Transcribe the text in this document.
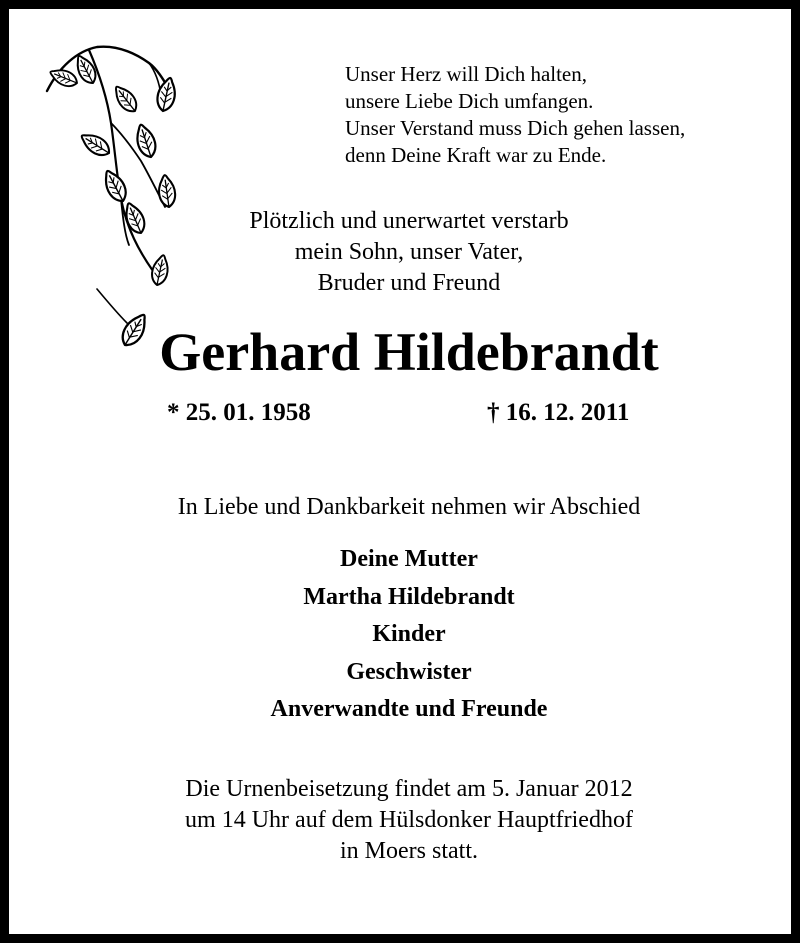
Unser Herz will Dich halten,
unsere Liebe Dich umfangen.
Unser Verstand muss Dich gehen lassen,
denn Deine Kraft war zu Ende.
Plötzlich und unerwartet verstarb
mein Sohn, unser Vater,
Bruder und Freund
Gerhard Hildebrandt
* 25. 01. 1958	† 16. 12. 2011
In Liebe und Dankbarkeit nehmen wir Abschied
Deine Mutter
Martha Hildebrandt
Kinder
Geschwister
Anverwandte und Freunde
Die Urnenbeisetzung findet am 5. Januar 2012
um 14 Uhr auf dem Hülsdonker Hauptfriedhof
in Moers statt.
